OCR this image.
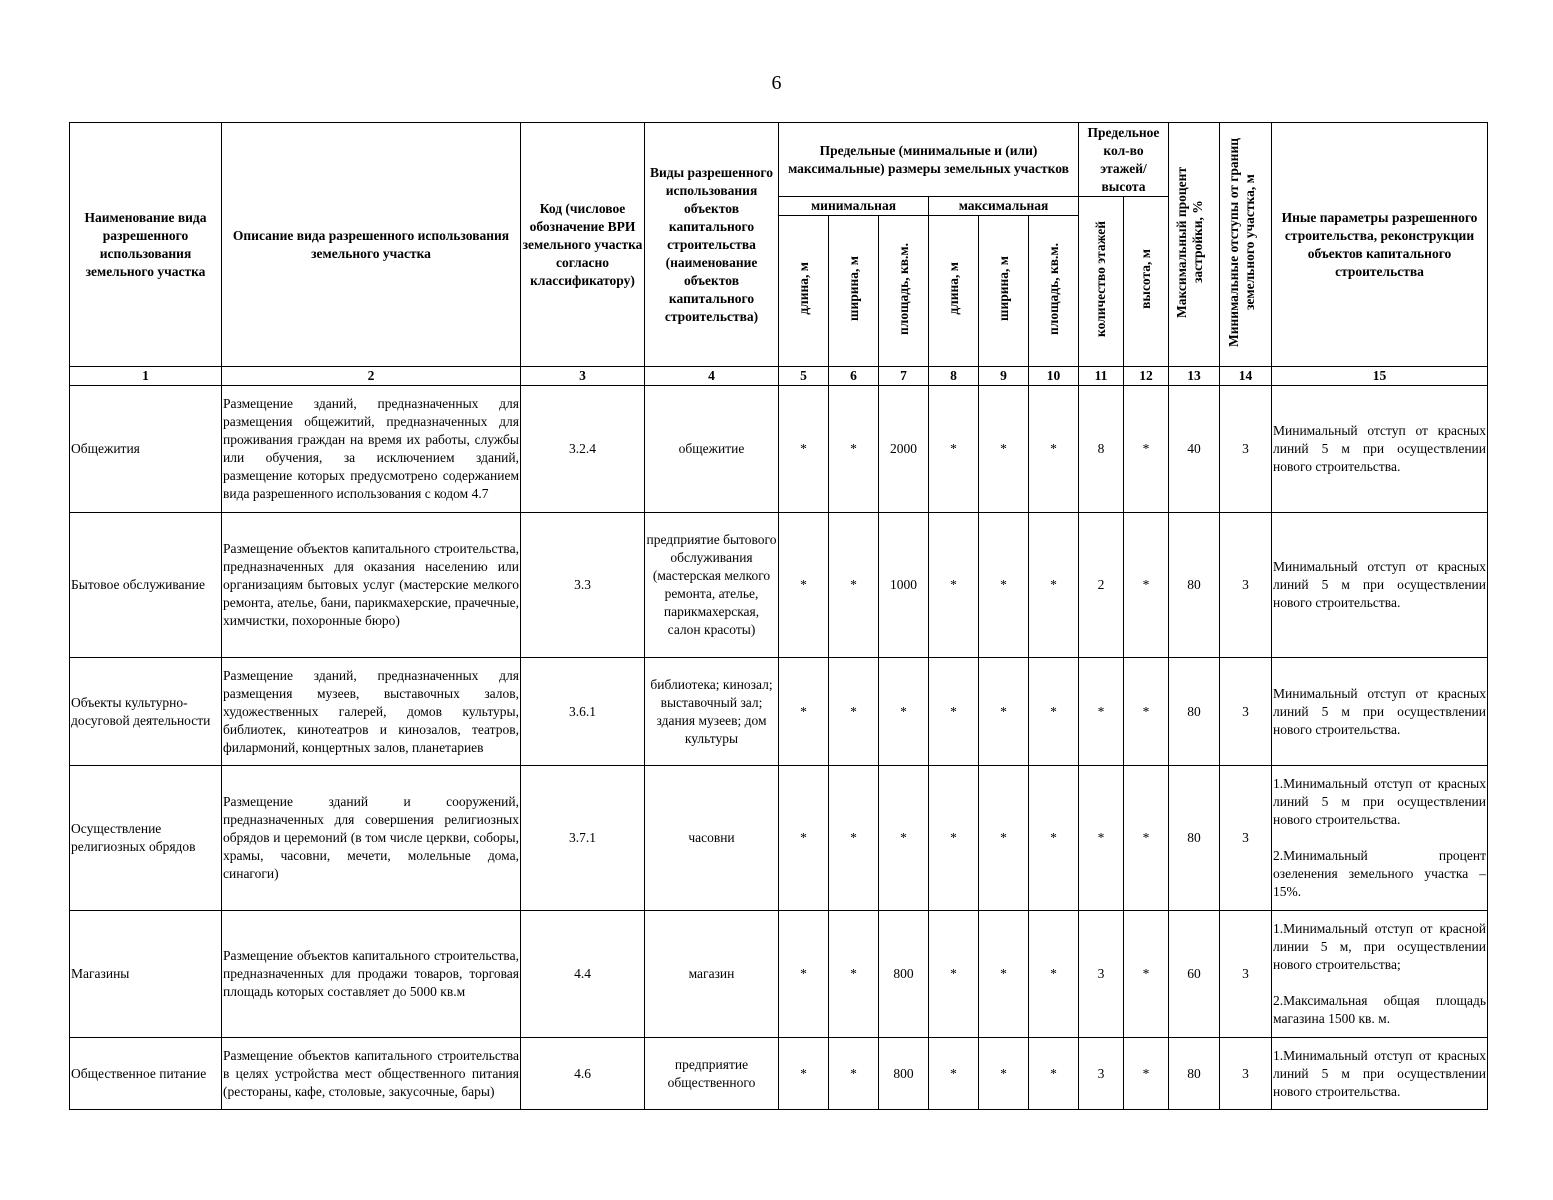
6
Наименование вида разрешенного использования земельного участка	Описание вида разрешенного использования земельного участка	Код (числовое обозначение ВРИ земельного участка согласно классификатору)	Виды разрешенного использования объектов капитального строительства (наименование объектов капитального строительства)	Предельные (минимальные и (или) максимальные) размеры земельных участков						Предельное кол-во этажей/ высота		Максимальный процент застройки, %	Минимальные отступы от границ земельного участка, м	Иные параметры разрешенного строительства, реконструкции объектов капитального строительства
				минимальная			максимальная			количество этажей	высота, м			
				длина, м	ширина, м	площадь, кв.м.	длина, м	ширина, м	площадь, кв.м.					
1	2	3	4	5	6	7	8	9	10	11	12	13	14	15
Общежития	Размещение зданий, предназначенных для размещения общежитий, предназначенных для проживания граждан на время их работы, службы или обучения, за исключением зданий, размещение которых предусмотрено содержанием вида разрешенного использования с кодом 4.7	3.2.4	общежитие	*	*	2000	*	*	*	8	*	40	3	Минимальный отступ от красных линий 5 м при осуществлении нового строительства.

Бытовое обслуживание	Размещение объектов капитального строительства, предназначенных для оказания населению или организациям бытовых услуг (мастерские мелкого ремонта, ателье, бани, парикмахерские, прачечные, химчистки, похоронные бюро)	3.3	предприятие бытового обслуживания (мастерская мелкого ремонта, ателье, парикмахерская, салон красоты)	*	*	1000	*	*	*	2	*	80	3	Минимальный отступ от красных линий 5 м при осуществлении нового строительства.

Объекты культурно-досуговой деятельности	Размещение зданий, предназначенных для размещения музеев, выставочных залов, художественных галерей, домов культуры, библиотек, кинотеатров и кинозалов, театров, филармоний, концертных залов, планетариев	3.6.1	библиотека; кинозал; выставочный зал; здания музеев; дом культуры	*	*	*	*	*	*	*	*	80	3	Минимальный отступ от красных линий 5 м при осуществлении нового строительства.

Осуществление религиозных обрядов	Размещение зданий и сооружений, предназначенных для совершения религиозных обрядов и церемоний (в том числе церкви, соборы, храмы, часовни, мечети, молельные дома, синагоги)	3.7.1	часовни	*	*	*	*	*	*	*	*	80	3	1.Минимальный отступ от красных линий 5 м при осуществлении нового строительства.

2.Минимальный процент озеленения земельного участка – 15%.

Магазины	Размещение объектов капитального строительства, предназначенных для продажи товаров, торговая площадь которых составляет до 5000 кв.м	4.4	магазин	*	*	800	*	*	*	3	*	60	3	1.Минимальный отступ от красной линии 5 м, при осуществлении нового строительства;

2.Максимальная общая площадь магазина 1500 кв. м.

Общественное питание	Размещение объектов капитального строительства в целях устройства мест общественного питания (рестораны, кафе, столовые, закусочные, бары)	4.6	предприятие общественного	*	*	800	*	*	*	3	*	80	3	1.Минимальный отступ от красных линий 5 м при осуществлении нового строительства.
